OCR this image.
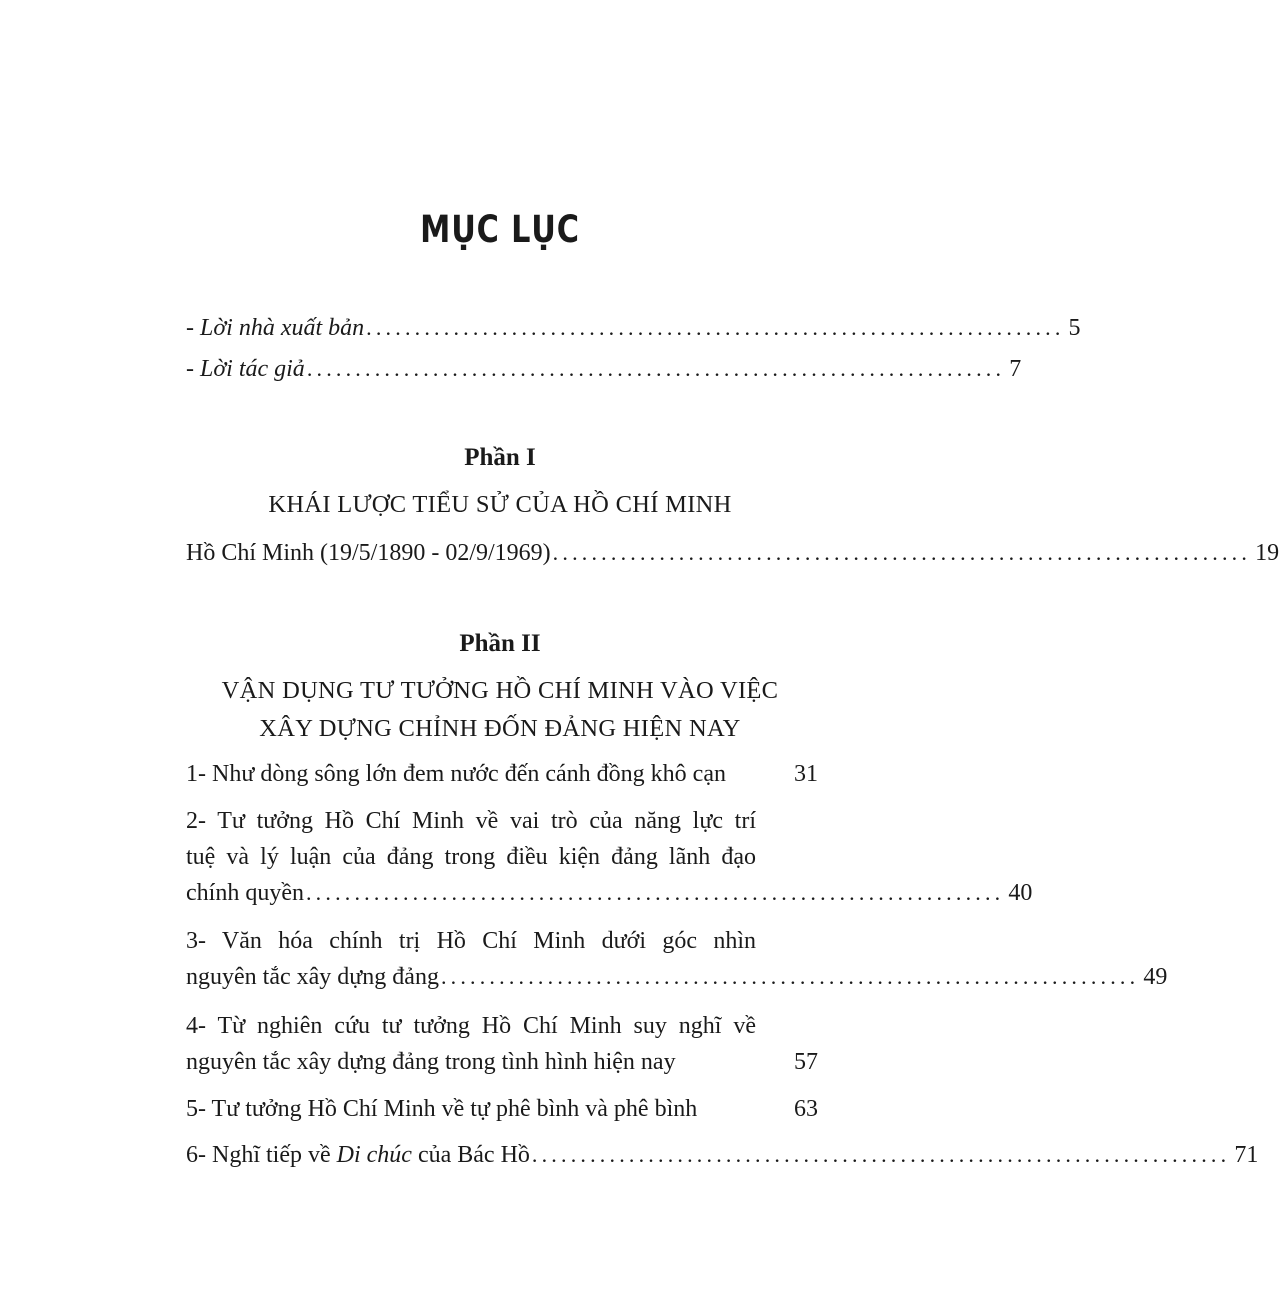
MỤC LỤC
- Lời nhà xuất bản ........................................................................ 5
- Lời tác giả ........................................................................ 7
Phần I
KHÁI LƯỢC TIỂU SỬ CỦA HỒ CHÍ MINH
Hồ Chí Minh (19/5/1890 - 02/9/1969) ........................................................................ 19
Phần II
VẬN DỤNG TƯ TƯỞNG HỒ CHÍ MINH VÀO VIỆC
XÂY DỰNG CHỈNH ĐỐN ĐẢNG HIỆN NAY
1- Như dòng sông lớn đem nước đến cánh đồng khô cạn	31
2- Tư tưởng Hồ Chí Minh về vai trò của năng lực trí
tuệ và lý luận của đảng trong điều kiện đảng lãnh đạo
chính quyền ........................................................................ 40
3- Văn hóa chính trị Hồ Chí Minh dưới góc nhìn
nguyên tắc xây dựng đảng ........................................................................ 49
4- Từ nghiên cứu tư tưởng Hồ Chí Minh suy nghĩ về
nguyên tắc xây dựng đảng trong tình hình hiện nay	57
5- Tư tưởng Hồ Chí Minh về tự phê bình và phê bình	63
6- Nghĩ tiếp về Di chúc của Bác Hồ ........................................................................ 71
